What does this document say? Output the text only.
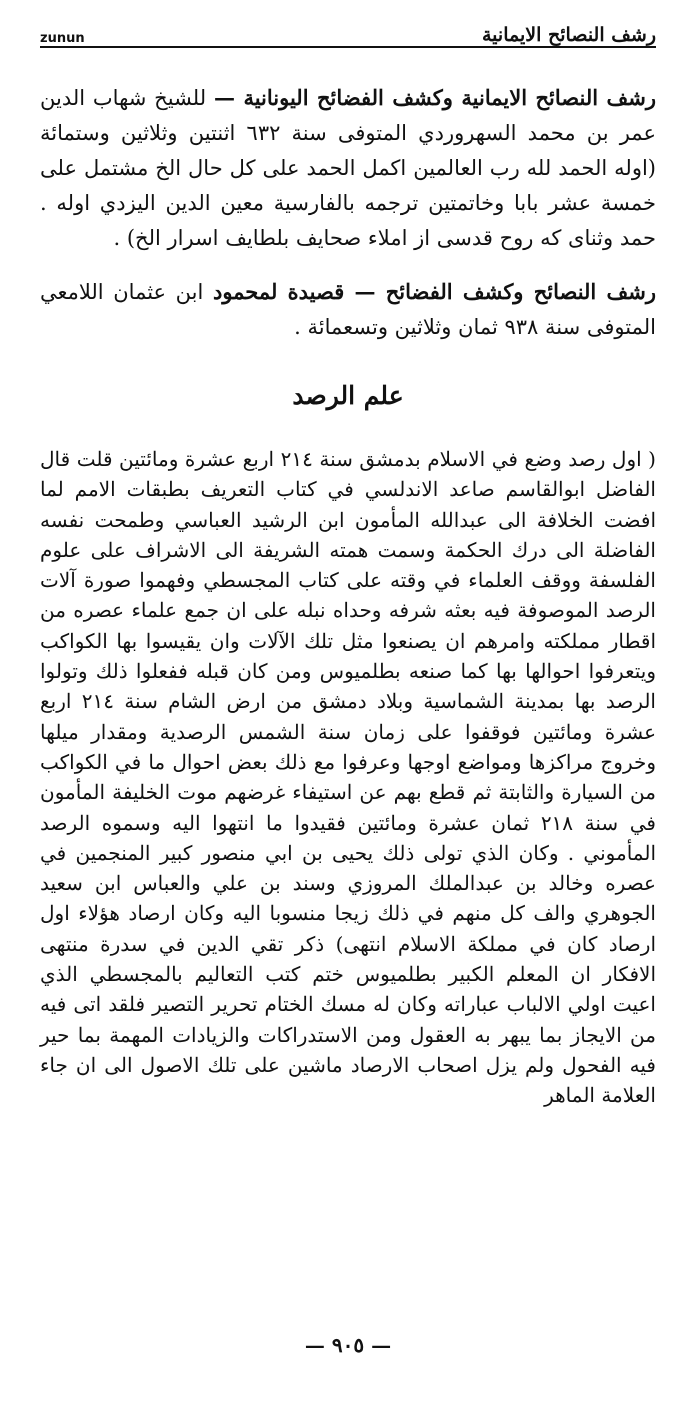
zunun	رشف النصائح الايمانية

رشف النصائح الايمانية وكشف الفضائح اليونانية — للشيخ شهاب الدين عمر بن محمد السهروردي المتوفى سنة ٦٣٢ اثنتين وثلاثين وستمائة (اوله الحمد لله رب العالمين اكمل الحمد على كل حال الخ مشتمل على خمسة عشر بابا وخاتمتين ترجمه بالفارسية معين الدين اليزدي اوله . حمد وثناى كه روح قدسى از املاء صحايف بلطايف اسرار الخ) .

رشف النصائح وكشف الفضائح — قصيدة لمحمود ابن عثمان اللامعي المتوفى سنة ٩٣٨ ثمان وثلاثين وتسعمائة .

علم الرصد

( اول رصد وضع في الاسلام بدمشق سنة ٢١٤ اربع عشرة ومائتين قلت قال الفاضل ابوالقاسم صاعد الاندلسي في كتاب التعريف بطبقات الامم لما افضت الخلافة الى عبدالله المأمون ابن الرشيد العباسي وطمحت نفسه الفاضلة الى درك الحكمة وسمت همته الشريفة الى الاشراف على علوم الفلسفة ووقف العلماء في وقته على كتاب المجسطي وفهموا صورة آلات الرصد الموصوفة فيه بعثه شرفه وحداه نبله على ان جمع علماء عصره من اقطار مملكته وامرهم ان يصنعوا مثل تلك الآلات وان يقيسوا بها الكواكب ويتعرفوا احوالها بها كما صنعه بطلميوس ومن كان قبله ففعلوا ذلك وتولوا الرصد بها بمدينة الشماسية وبلاد دمشق من ارض الشام سنة ٢١٤ اربع عشرة ومائتين فوقفوا على زمان سنة الشمس الرصدية ومقدار ميلها وخروج مراكزها ومواضع اوجها وعرفوا مع ذلك بعض احوال ما في الكواكب من السيارة والثابتة ثم قطع بهم عن استيفاء غرضهم موت الخليفة المأمون في سنة ٢١٨ ثمان عشرة ومائتين فقيدوا ما انتهوا اليه وسموه الرصد المأموني . وكان الذي تولى ذلك يحيى بن ابي منصور كبير المنجمين في عصره وخالد بن عبدالملك المروزي وسند بن علي والعباس ابن سعيد الجوهري والف كل منهم في ذلك زيجا منسوبا اليه وكان ارصاد هؤلاء اول ارصاد كان في مملكة الاسلام انتهى) ذكر تقي الدين في سدرة منتهى الافكار ان المعلم الكبير بطلميوس ختم كتب التعاليم بالمجسطي الذي اعيت اولي الالباب عباراته وكان له مسك الختام تحرير التصير فلقد اتى فيه من الايجاز بما يبهر به العقول ومن الاستدراكات والزيادات المهمة بما حير فيه الفحول ولم يزل اصحاب الارصاد ماشين على تلك الاصول الى ان جاء العلامة الماهر

— ٩٠٥ —
